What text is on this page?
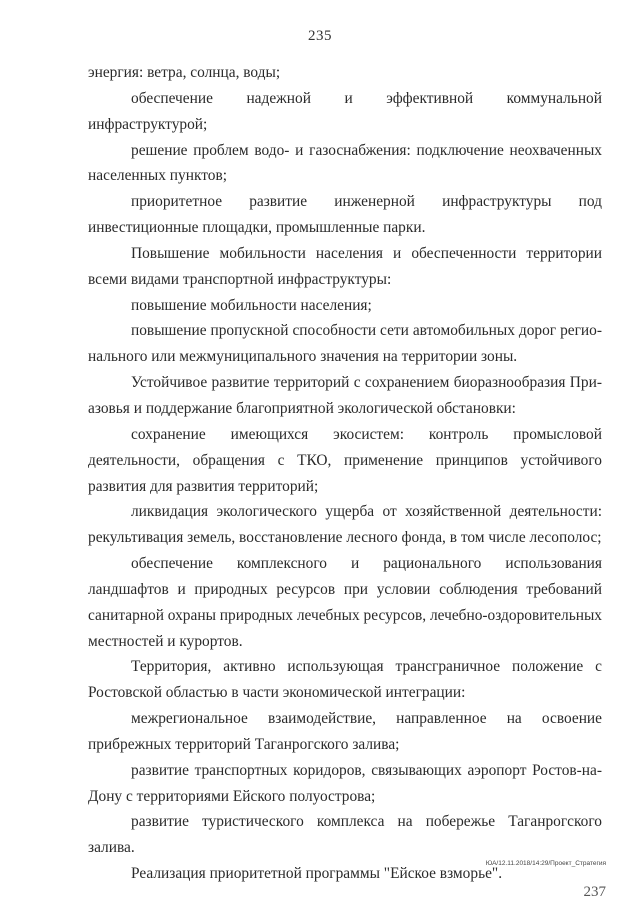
235

энергия: ветра, солнца, воды;

обеспечение надежной и эффективной коммунальной инфраструктурой;

решение проблем водо- и газоснабжения: подключение неохваченных населенных пунктов;

приоритетное развитие инженерной инфраструктуры под инвестиционные площадки, промышленные парки.

Повышение мобильности населения и обеспеченности территории всеми видами транспортной инфраструктуры:

повышение мобильности населения;

повышение пропускной способности сети автомобильных дорог регионального или межмуниципального значения на территории зоны.

Устойчивое развитие территорий с сохранением биоразнообразия Приазовья и поддержание благоприятной экологической обстановки:

сохранение имеющихся экосистем: контроль промысловой деятельности, обращения с ТКО, применение принципов устойчивого развития для развития территорий;

ликвидация экологического ущерба от хозяйственной деятельности: рекультивация земель, восстановление лесного фонда, в том числе лесополос;

обеспечение комплексного и рационального использования ландшафтов и природных ресурсов при условии соблюдения требований санитарной охраны природных лечебных ресурсов, лечебно-оздоровительных местностей и курортов.

Территория, активно использующая трансграничное положение с Ростовской областью в части экономической интеграции:

межрегиональное взаимодействие, направленное на освоение прибрежных территорий Таганрогского залива;

развитие транспортных коридоров, связывающих аэропорт Ростов-на-Дону с территориями Ейского полуострова;

развитие туристического комплекса на побережье Таганрогского залива.

Реализация приоритетной программы "Ейское взморье".

ЮА/12.11.2018/14:29/Проект_Стратегия
237
